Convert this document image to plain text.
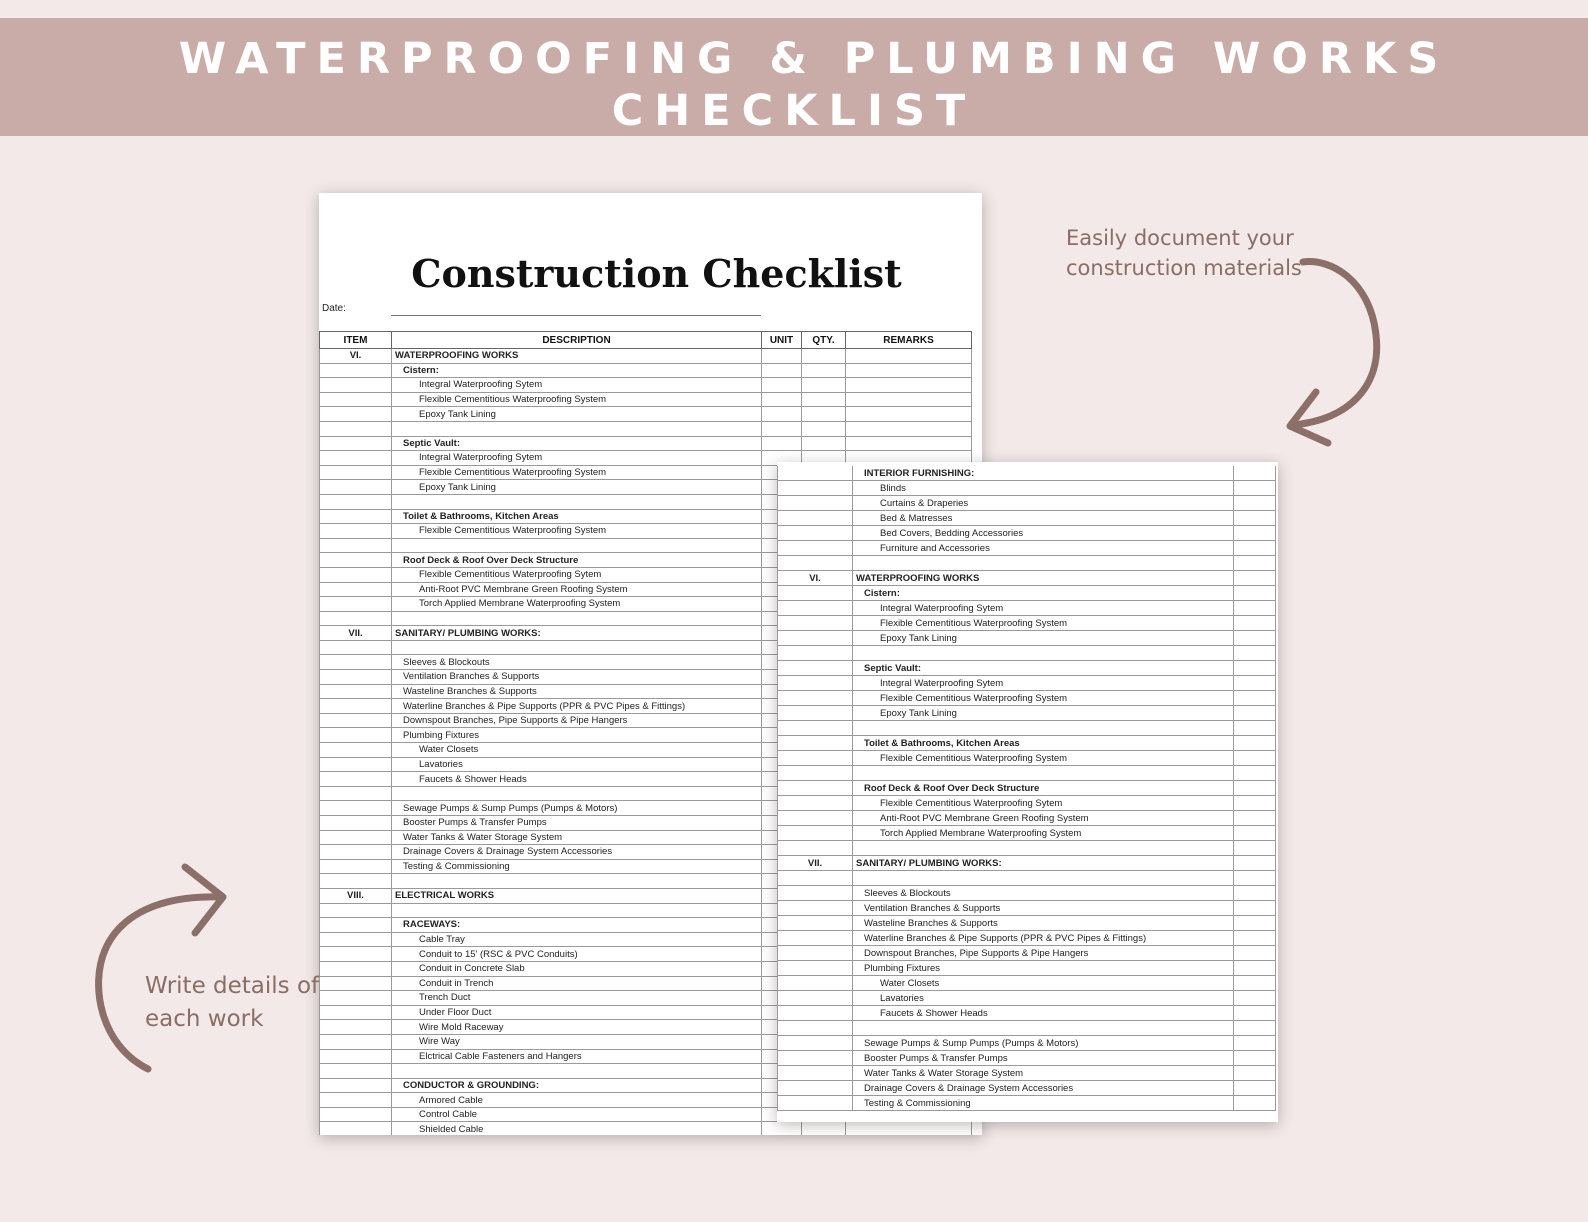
WATERPROOFING & PLUMBING WORKS
CHECKLIST
Construction Checklist
Date:
ITEM	DESCRIPTION	UNIT	QTY.	REMARKS
VI.	WATERPROOFING WORKS
Cistern:
Integral Waterproofing Sytem
Flexible Cementitious Waterproofing System
Epoxy Tank Lining
Septic Vault:
Integral Waterproofing Sytem
Flexible Cementitious Waterproofing System
Epoxy Tank Lining
Toilet & Bathrooms, Kitchen Areas
Flexible Cementitious Waterproofing System
Roof Deck & Roof Over Deck Structure
Flexible Cementitious Waterproofing Sytem
Anti-Root PVC Membrane Green Roofing System
Torch Applied Membrane Waterproofing System
VII.	SANITARY/ PLUMBING WORKS:
Sleeves & Blockouts
Ventilation Branches & Supports
Wasteline Branches & Supports
Waterline Branches & Pipe Supports (PPR & PVC Pipes & Fittings)
Downspout Branches, Pipe Supports & Pipe Hangers
Plumbing Fixtures
Water Closets
Lavatories
Faucets & Shower Heads
Sewage Pumps & Sump Pumps (Pumps & Motors)
Booster Pumps & Transfer Pumps
Water Tanks & Water Storage System
Drainage Covers & Drainage System Accessories
Testing & Commissioning
VIII.	ELECTRICAL WORKS
RACEWAYS:
Cable Tray
Conduit to 15' (RSC & PVC Conduits)
Conduit in Concrete Slab
Conduit in Trench
Trench Duct
Under Floor Duct
Wire Mold Raceway
Wire Way
Elctrical Cable Fasteners and Hangers
CONDUCTOR & GROUNDING:
Armored Cable
Control Cable
Shielded Cable
INTERIOR FURNISHING:
Blinds
Curtains & Draperies
Bed & Matresses
Bed Covers, Bedding Accessories
Furniture and Accessories
VI.	WATERPROOFING WORKS
Cistern:
Integral Waterproofing Sytem
Flexible Cementitious Waterproofing System
Epoxy Tank Lining
Septic Vault:
Integral Waterproofing Sytem
Flexible Cementitious Waterproofing System
Epoxy Tank Lining
Toilet & Bathrooms, Kitchen Areas
Flexible Cementitious Waterproofing System
Roof Deck & Roof Over Deck Structure
Flexible Cementitious Waterproofing Sytem
Anti-Root PVC Membrane Green Roofing System
Torch Applied Membrane Waterproofing System
VII.	SANITARY/ PLUMBING WORKS:
Sleeves & Blockouts
Ventilation Branches & Supports
Wasteline Branches & Supports
Waterline Branches & Pipe Supports (PPR & PVC Pipes & Fittings)
Downspout Branches, Pipe Supports & Pipe Hangers
Plumbing Fixtures
Water Closets
Lavatories
Faucets & Shower Heads
Sewage Pumps & Sump Pumps (Pumps & Motors)
Booster Pumps & Transfer Pumps
Water Tanks & Water Storage System
Drainage Covers & Drainage System Accessories
Testing & Commissioning
Easily document your
construction materials
Write details of
each work
